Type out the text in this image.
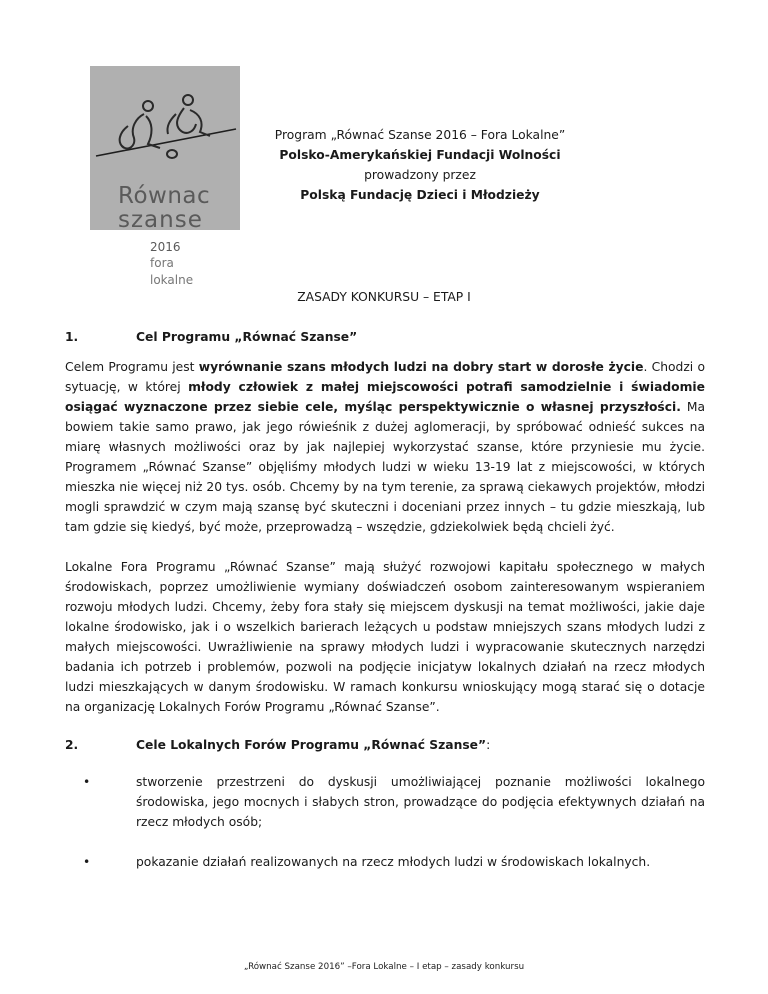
Równac
szanse
2016
fora
lokalne
Program „Równać Szanse 2016 – Fora Lokalne”
Polsko-Amerykańskiej Fundacji Wolności
prowadzony przez
Polską Fundację Dzieci i Młodzieży
ZASADY KONKURSU – ETAP I
1.	Cel Programu „Równać Szanse”

Celem Programu jest wyrównanie szans młodych ludzi na dobry start w dorosłe życie. Chodzi o sytuację, w której młody człowiek z małej miejscowości potrafi samodzielnie i świadomie osiągać wyznaczone przez siebie cele, myśląc perspektywicznie o własnej przyszłości. Ma bowiem takie samo prawo, jak jego rówieśnik z dużej aglomeracji, by spróbować odnieść sukces na miarę własnych możliwości oraz by jak najlepiej wykorzystać szanse, które przyniesie mu życie. Programem „Równać Szanse” objęliśmy młodych ludzi w wieku 13-19 lat z miejscowości, w których mieszka nie więcej niż 20 tys. osób. Chcemy by na tym terenie, za sprawą ciekawych projektów, młodzi mogli sprawdzić w czym mają szansę być skuteczni i doceniani przez innych – tu gdzie mieszkają, lub tam gdzie się kiedyś, być może, przeprowadzą – wszędzie, gdziekolwiek będą chcieli żyć.

Lokalne Fora Programu „Równać Szanse” mają służyć rozwojowi kapitału społecznego w małych środowiskach, poprzez umożliwienie wymiany doświadczeń osobom zainteresowanym wspieraniem rozwoju młodych ludzi. Chcemy, żeby fora stały się miejscem dyskusji na temat możliwości, jakie daje lokalne środowisko, jak i o wszelkich barierach leżących u podstaw mniejszych szans młodych ludzi z małych miejscowości. Uwrażliwienie na sprawy młodych ludzi i wypracowanie skutecznych narzędzi badania ich potrzeb i problemów, pozwoli na podjęcie inicjatyw lokalnych działań na rzecz młodych ludzi mieszkających w danym środowisku. W ramach konkursu wnioskujący mogą starać się o dotacje na organizację Lokalnych Forów Programu „Równać Szanse”.

2.	Cele Lokalnych Forów Programu „Równać Szanse”:
•	stworzenie przestrzeni do dyskusji umożliwiającej poznanie możliwości lokalnego środowiska, jego mocnych i słabych stron, prowadzące do podjęcia efektywnych działań na rzecz młodych osób;
•	pokazanie działań realizowanych na rzecz młodych ludzi w środowiskach lokalnych.
„Równać Szanse 2016” –Fora Lokalne – I etap – zasady konkursu
